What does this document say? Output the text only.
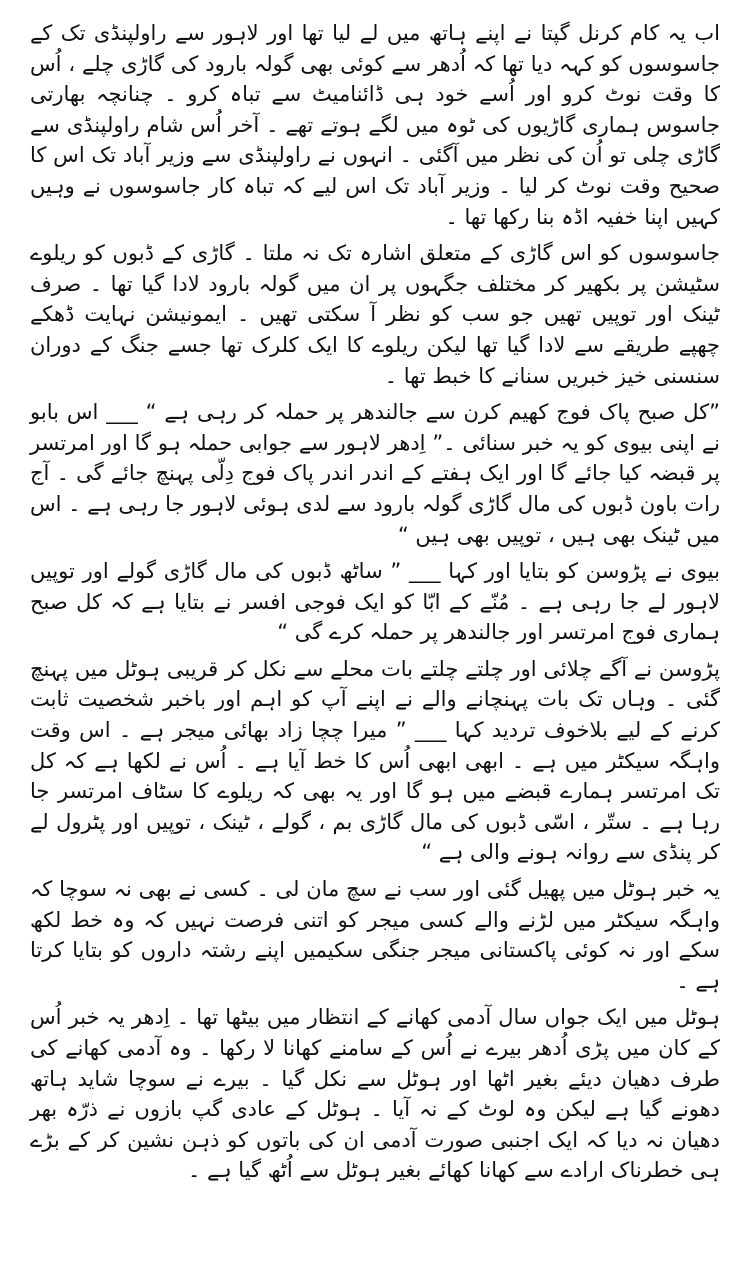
اب یہ کام کرنل گپتا نے اپنے ہاتھ میں لے لیا تھا اور لاہور سے راولپنڈی تک کے جاسوسوں کو کہہ دیا تھا کہ اُدھر سے کوئی بھی گولہ بارود کی گاڑی چلے ، اُس کا وقت نوٹ کرو اور اُسے خود ہی ڈائنامیٹ سے تباہ کرو ۔ چنانچہ بھارتی جاسوس ہماری گاڑیوں کی ٹوہ میں لگے ہوتے تھے ۔ آخر اُس شام راولپنڈی سے گاڑی چلی تو اُن کی نظر میں آگئی ۔ انہوں نے راولپنڈی سے وزیر آباد تک اس کا صحیح وقت نوٹ کر لیا ۔ وزیر آباد تک اس لیے کہ تباہ کار جاسوسوں نے وہیں کہیں اپنا خفیہ اڈہ بنا رکھا تھا ۔

جاسوسوں کو اس گاڑی کے متعلق اشارہ تک نہ ملتا ۔ گاڑی کے ڈبوں کو ریلوے سٹیشن پر بکھیر کر مختلف جگہوں پر ان میں گولہ بارود لادا گیا تھا ۔ صرف ٹینک اور توپیں تھیں جو سب کو نظر آ سکتی تھیں ۔ ایمونیشن نہایت ڈھکے چھپے طریقے سے لادا گیا تھا لیکن ریلوے کا ایک کلرک تھا جسے جنگ کے دوران سنسنی خیز خبریں سنانے کا خبط تھا ۔

”کل صبح پاک فوج کھیم کرن سے جالندھر پر حملہ کر رہی ہے “ ___ اس بابو نے اپنی بیوی کو یہ خبر سنائی ۔” اِدھر لاہور سے جوابی حملہ ہو گا اور امرتسر پر قبضہ کیا جائے گا اور ایک ہفتے کے اندر اندر پاک فوج دِلّی پہنچ جائے گی ۔ آج رات باون ڈبوں کی مال گاڑی گولہ بارود سے لدی ہوئی لاہور جا رہی ہے ۔ اس میں ٹینک بھی ہیں ، توپیں بھی ہیں “

بیوی نے پڑوسن کو بتایا اور کہا ___ ” ساٹھ ڈبوں کی مال گاڑی گولے اور توپیں لاہور لے جا رہی ہے ۔ مُنّے کے ابّا کو ایک فوجی افسر نے بتایا ہے کہ کل صبح ہماری فوج امرتسر اور جالندھر پر حملہ کرے گی “

پڑوسن نے آگے چلائی اور چلتے چلتے بات محلے سے نکل کر قریبی ہوٹل میں پہنچ گئی ۔ وہاں تک بات پہنچانے والے نے اپنے آپ کو اہم اور باخبر شخصیت ثابت کرنے کے لیے بلاخوف تردید کہا ___ ” میرا چچا زاد بھائی میجر ہے ۔ اس وقت واہگہ سیکٹر میں ہے ۔ ابھی ابھی اُس کا خط آیا ہے ۔ اُس نے لکھا ہے کہ کل تک امرتسر ہمارے قبضے میں ہو گا اور یہ بھی کہ ریلوے کا سٹاف امرتسر جا رہا ہے ۔ ستّر ، اسّی ڈبوں کی مال گاڑی بم ، گولے ، ٹینک ، توپیں اور پٹرول لے کر پنڈی سے روانہ ہونے والی ہے “

یہ خبر ہوٹل میں پھیل گئی اور سب نے سچ مان لی ۔ کسی نے بھی نہ سوچا کہ واہگہ سیکٹر میں لڑنے والے کسی میجر کو اتنی فرصت نہیں کہ وہ خط لکھ سکے اور نہ کوئی پاکستانی میجر جنگی سکیمیں اپنے رشتہ داروں کو بتایا کرتا ہے ۔

ہوٹل میں ایک جواں سال آدمی کھانے کے انتظار میں بیٹھا تھا ۔ اِدھر یہ خبر اُس کے کان میں پڑی اُدھر بیرے نے اُس کے سامنے کھانا لا رکھا ۔ وہ آدمی کھانے کی طرف دھیان دیئے بغیر اٹھا اور ہوٹل سے نکل گیا ۔ بیرے نے سوچا شاید ہاتھ دھونے گیا ہے لیکن وہ لوٹ کے نہ آیا ۔ ہوٹل کے عادی گپ بازوں نے ذرّہ بھر دھیان نہ دیا کہ ایک اجنبی صورت آدمی ان کی باتوں کو ذہن نشین کر کے بڑے ہی خطرناک ارادے سے کھانا کھائے بغیر ہوٹل سے اُٹھ گیا ہے ۔
